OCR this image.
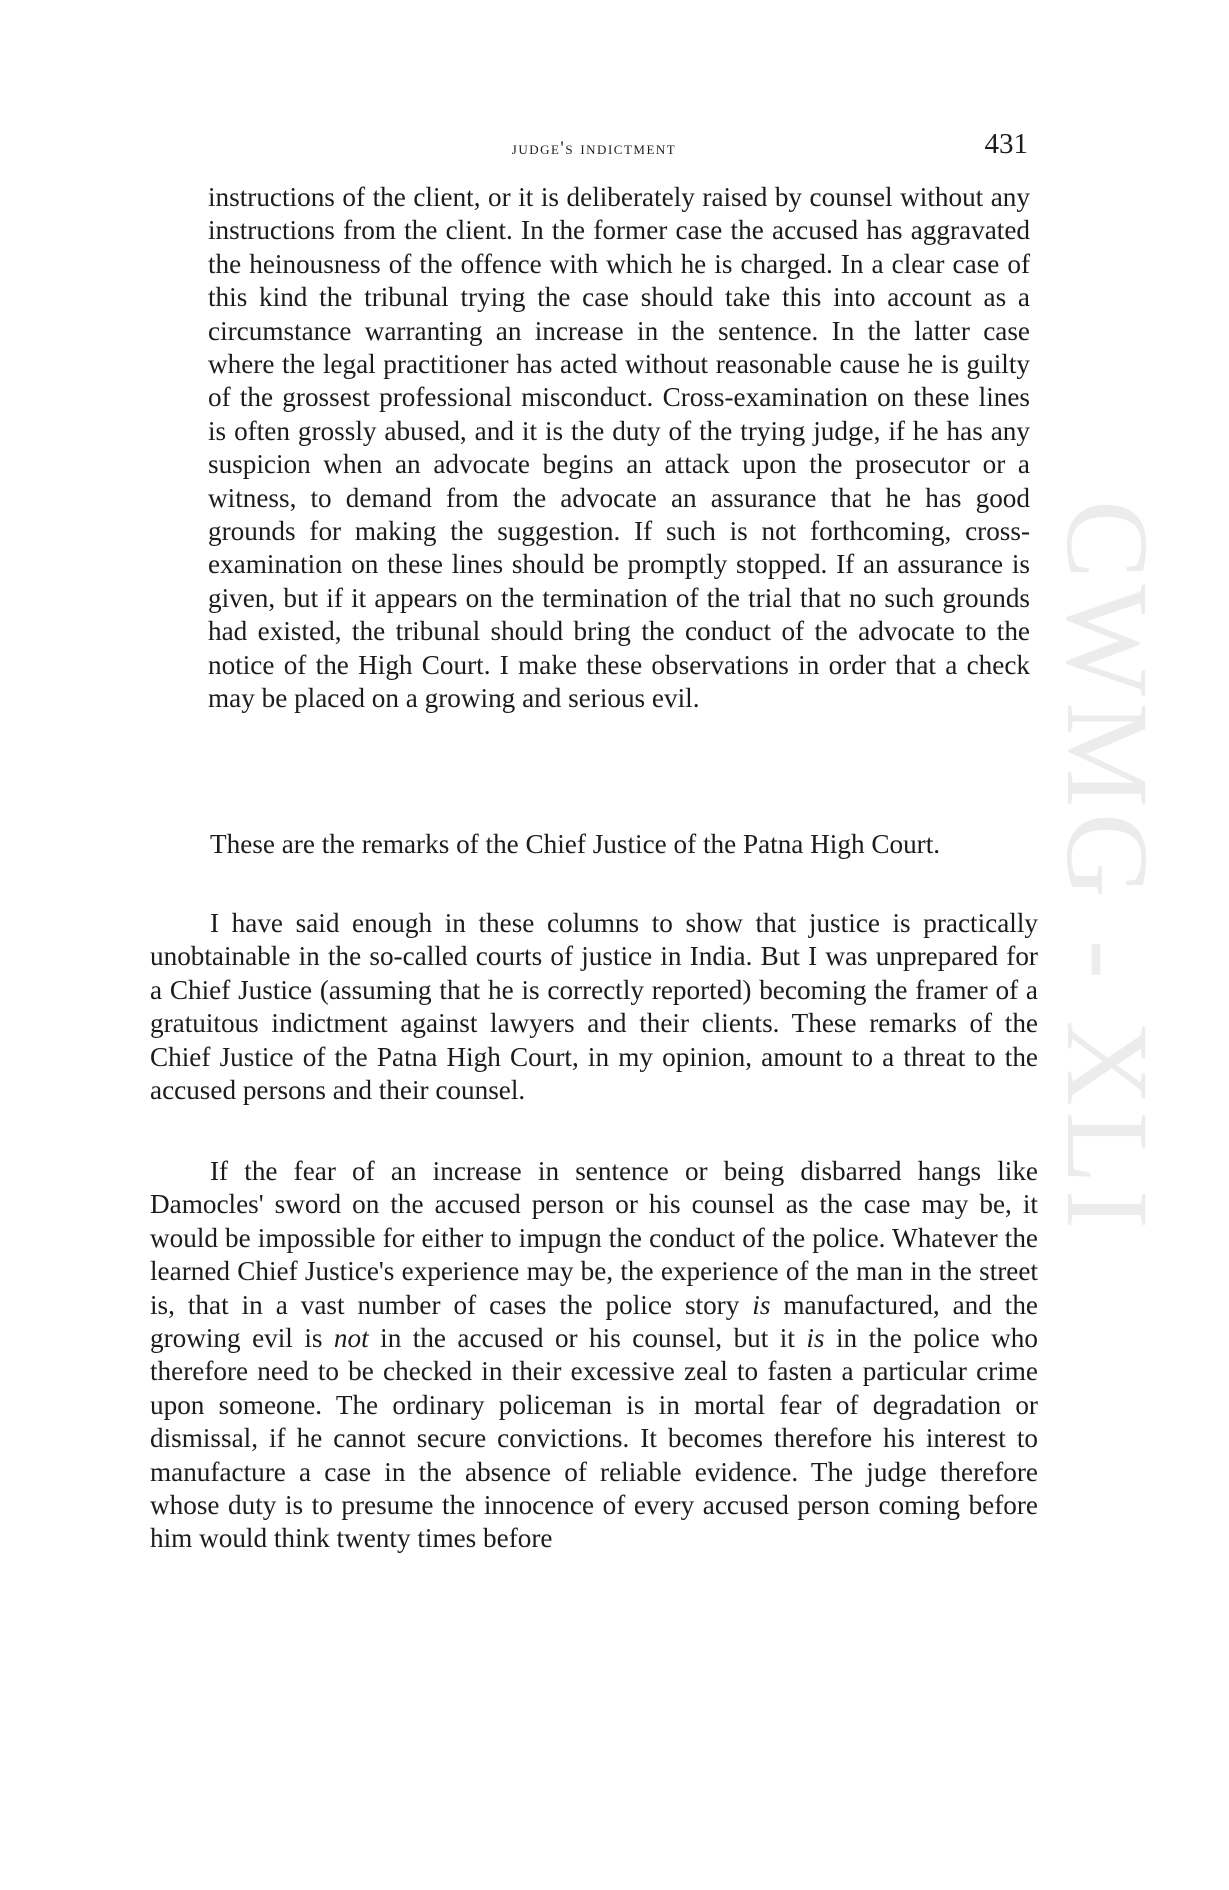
CWMG - XLI
judge's indictment	431

instructions of the client, or it is deliberately raised by counsel without any instructions from the client. In the former case the accused has aggravated the heinousness of the offence with which he is charged. In a clear case of this kind the tribunal trying the case should take this into account as a circumstance warranting an increase in the sentence. In the latter case where the legal practitioner has acted without reasonable cause he is guilty of the grossest professional misconduct. Cross-examination on these lines is often grossly abused, and it is the duty of the trying judge, if he has any suspicion when an advocate begins an attack upon the prosecutor or a witness, to demand from the advocate an assurance that he has good grounds for making the suggestion. If such is not forthcoming, cross-examination on these lines should be promptly stopped. If an assurance is given, but if it appears on the termination of the trial that no such grounds had existed, the tribunal should bring the conduct of the advocate to the notice of the High Court. I make these observations in order that a check may be placed on a growing and serious evil.

These are the remarks of the Chief Justice of the Patna High Court.

I have said enough in these columns to show that justice is practically unobtainable in the so-called courts of justice in India. But I was unprepared for a Chief Justice (assuming that he is correctly reported) becoming the framer of a gratuitous indictment against lawyers and their clients. These remarks of the Chief Justice of the Patna High Court, in my opinion, amount to a threat to the accused persons and their counsel.

If the fear of an increase in sentence or being disbarred hangs like Damocles' sword on the accused person or his counsel as the case may be, it would be impossible for either to impugn the conduct of the police. Whatever the learned Chief Justice's experience may be, the experience of the man in the street is, that in a vast number of cases the police story is manufactured, and the growing evil is not in the accused or his counsel, but it is in the police who therefore need to be checked in their excessive zeal to fasten a particular crime upon someone. The ordinary policeman is in mortal fear of degradation or dismissal, if he cannot secure convictions. It becomes therefore his interest to manufacture a case in the absence of reliable evidence. The judge therefore whose duty is to presume the innocence of every accused person coming before him would think twenty times before
